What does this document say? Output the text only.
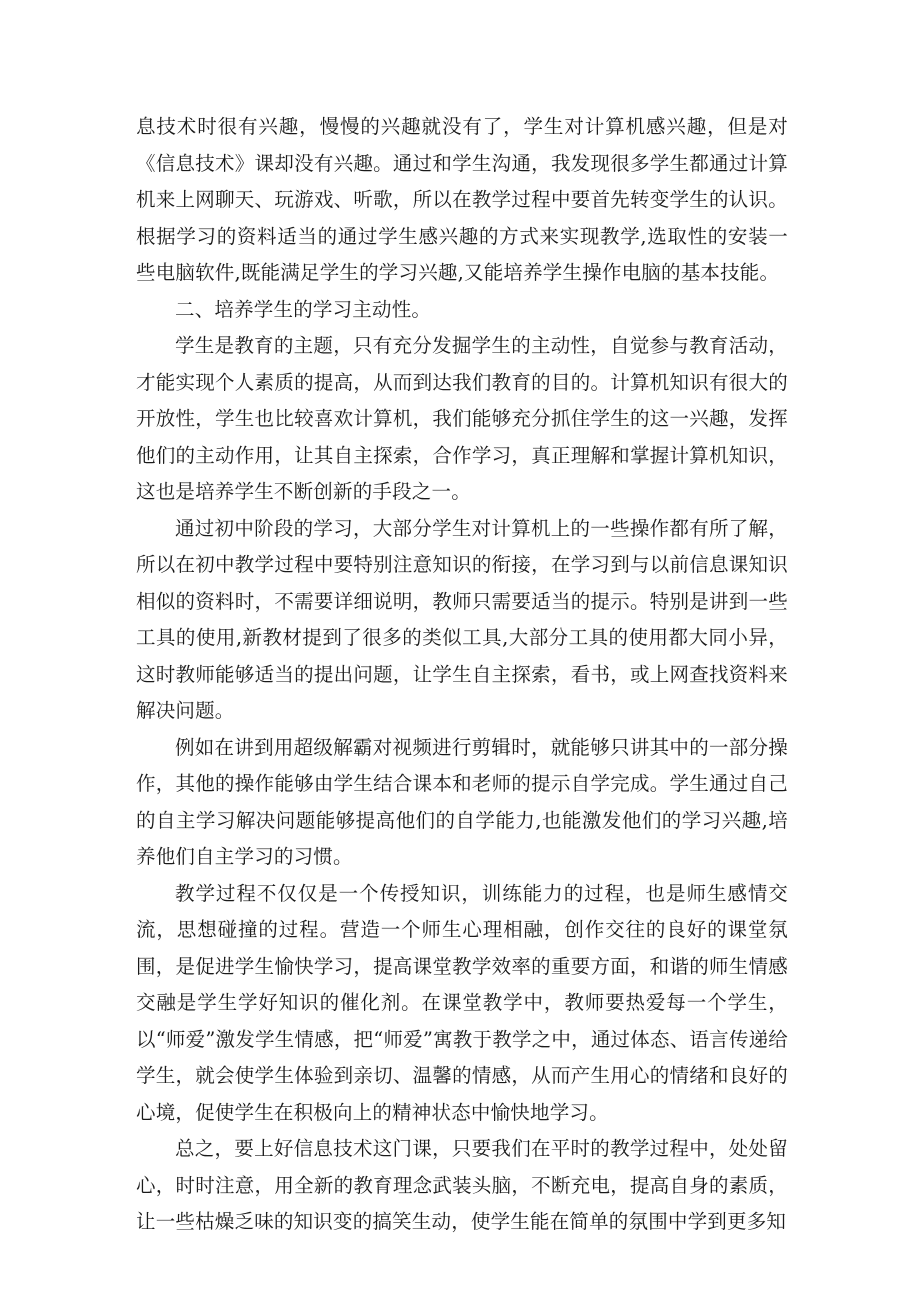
息技术时很有兴趣，慢慢的兴趣就没有了，学生对计算机感兴趣，但是对《信息技术》课却没有兴趣。通过和学生沟通，我发现很多学生都通过计算机来上网聊天、玩游戏、听歌，所以在教学过程中要首先转变学生的认识。根据学习的资料适当的通过学生感兴趣的方式来实现教学,选取性的安装一些电脑软件,既能满足学生的学习兴趣,又能培养学生操作电脑的基本技能。

二、培养学生的学习主动性。

学生是教育的主题，只有充分发掘学生的主动性，自觉参与教育活动，才能实现个人素质的提高，从而到达我们教育的目的。计算机知识有很大的开放性，学生也比较喜欢计算机，我们能够充分抓住学生的这一兴趣，发挥他们的主动作用，让其自主探索，合作学习，真正理解和掌握计算机知识，这也是培养学生不断创新的手段之一。

通过初中阶段的学习，大部分学生对计算机上的一些操作都有所了解，所以在初中教学过程中要特别注意知识的衔接，在学习到与以前信息课知识相似的资料时，不需要详细说明，教师只需要适当的提示。特别是讲到一些工具的使用,新教材提到了很多的类似工具,大部分工具的使用都大同小异，这时教师能够适当的提出问题，让学生自主探索，看书，或上网查找资料来解决问题。

例如在讲到用超级解霸对视频进行剪辑时，就能够只讲其中的一部分操作，其他的操作能够由学生结合课本和老师的提示自学完成。学生通过自己的自主学习解决问题能够提高他们的自学能力,也能激发他们的学习兴趣,培养他们自主学习的习惯。

教学过程不仅仅是一个传授知识，训练能力的过程，也是师生感情交流，思想碰撞的过程。营造一个师生心理相融，创作交往的良好的课堂氛围，是促进学生愉快学习，提高课堂教学效率的重要方面，和谐的师生情感交融是学生学好知识的催化剂。在课堂教学中，教师要热爱每一个学生，以“师爱”激发学生情感，把“师爱”寓教于教学之中，通过体态、语言传递给学生，就会使学生体验到亲切、温馨的情感，从而产生用心的情绪和良好的心境，促使学生在积极向上的精神状态中愉快地学习。

总之，要上好信息技术这门课，只要我们在平时的教学过程中，处处留心，时时注意，用全新的教育理念武装头脑，不断充电，提高自身的素质，让一些枯燥乏味的知识变的搞笑生动，使学生能在简单的氛围中学到更多知
